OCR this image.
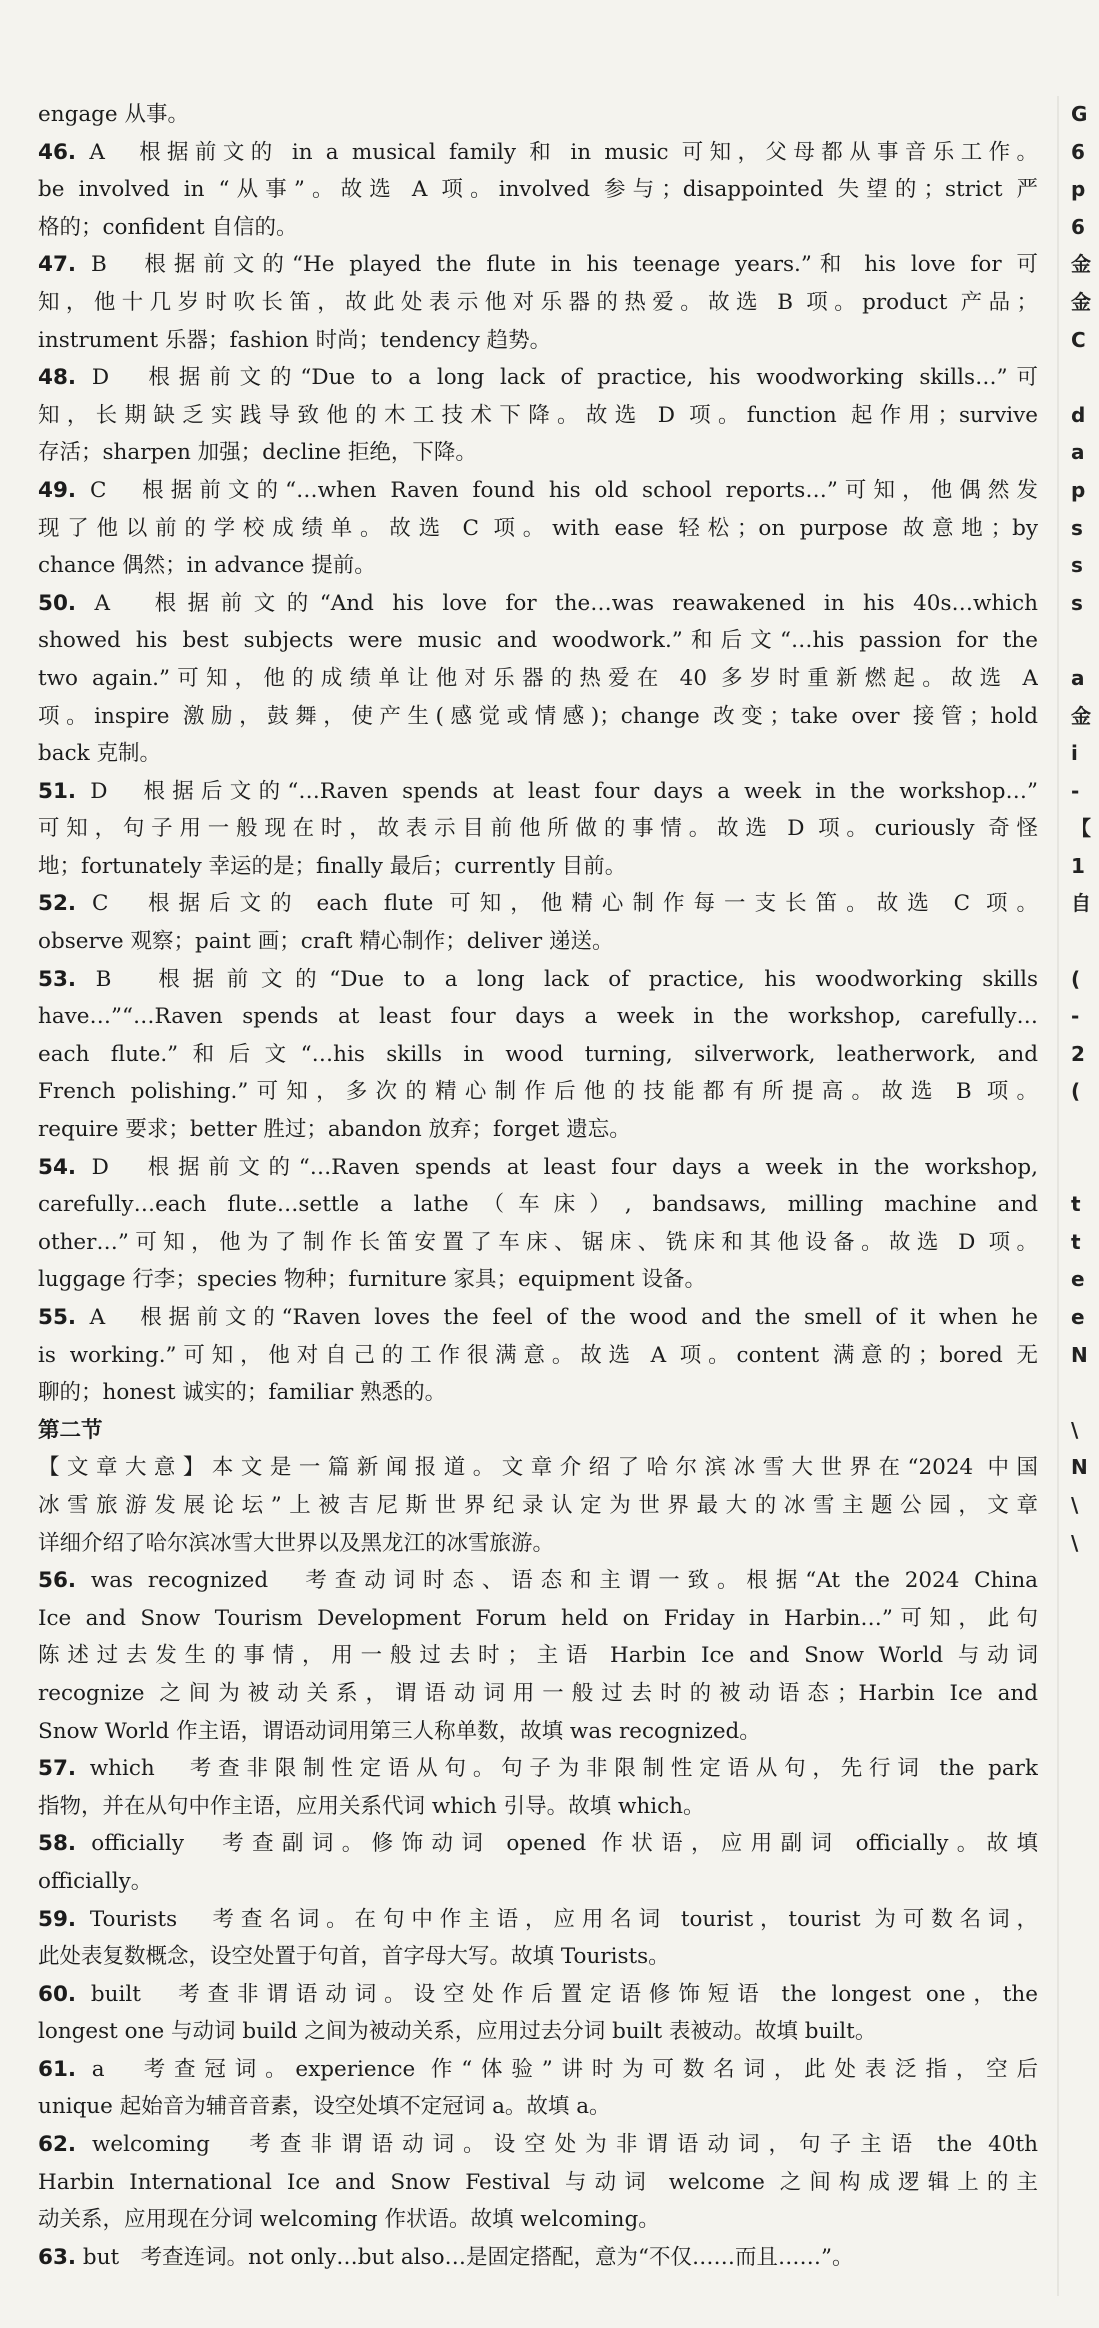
engage 从事。
46. A　根据前文的 in a musical family 和 in music 可知，父母都从事音乐工作。
be involved in “从事”。故选 A 项。involved 参与；disappointed 失望的；strict 严
格的；confident 自信的。
47. B　根据前文的“He played the flute in his teenage years.”和 his love for 可
知，他十几岁时吹长笛，故此处表示他对乐器的热爱。故选 B 项。product 产品；
instrument 乐器；fashion 时尚；tendency 趋势。
48. D　根据前文的“Due to a long lack of practice, his woodworking skills…”可
知，长期缺乏实践导致他的木工技术下降。故选 D 项。function 起作用；survive
存活；sharpen 加强；decline 拒绝，下降。
49. C　根据前文的“…when Raven found his old school reports…”可知，他偶然发
现了他以前的学校成绩单。故选 C 项。with ease 轻松；on purpose 故意地；by
chance 偶然；in advance 提前。
50. A　根据前文的“And his love for the…was reawakened in his 40s…which
showed his best subjects were music and woodwork.”和后文“…his passion for the
two again.”可知，他的成绩单让他对乐器的热爱在 40 多岁时重新燃起。故选 A
项。inspire 激励，鼓舞，使产生(感觉或情感)；change 改变；take over 接管；hold
back 克制。
51. D　根据后文的“…Raven spends at least four days a week in the workshop…”
可知，句子用一般现在时，故表示目前他所做的事情。故选 D 项。curiously 奇怪
地；fortunately 幸运的是；finally 最后；currently 目前。
52. C　根据后文的 each flute 可知，他精心制作每一支长笛。故选 C 项。
observe 观察；paint 画；craft 精心制作；deliver 递送。
53. B　根据前文的“Due to a long lack of practice, his woodworking skills
have…”“…Raven spends at least four days a week in the workshop, carefully…
each flute.”和后文“…his skills in wood turning, silverwork, leatherwork, and
French polishing.”可知，多次的精心制作后他的技能都有所提高。故选 B 项。
require 要求；better 胜过；abandon 放弃；forget 遗忘。
54. D　根据前文的“…Raven spends at least four days a week in the workshop,
carefully…each flute…settle a lathe（车床）, bandsaws, milling machine and
other…”可知，他为了制作长笛安置了车床、锯床、铣床和其他设备。故选 D 项。
luggage 行李；species 物种；furniture 家具；equipment 设备。
55. A　根据前文的“Raven loves the feel of the wood and the smell of it when he
is working.”可知，他对自己的工作很满意。故选 A 项。content 满意的；bored 无
聊的；honest 诚实的；familiar 熟悉的。
第二节
【文章大意】本文是一篇新闻报道。文章介绍了哈尔滨冰雪大世界在“2024 中国
冰雪旅游发展论坛”上被吉尼斯世界纪录认定为世界最大的冰雪主题公园，文章
详细介绍了哈尔滨冰雪大世界以及黑龙江的冰雪旅游。
56. was recognized　考查动词时态、语态和主谓一致。根据“At the 2024 China
Ice and Snow Tourism Development Forum held on Friday in Harbin…”可知，此句
陈述过去发生的事情，用一般过去时；主语 Harbin Ice and Snow World 与动词
recognize 之间为被动关系，谓语动词用一般过去时的被动语态；Harbin Ice and
Snow World 作主语，谓语动词用第三人称单数，故填 was recognized。
57. which　考查非限制性定语从句。句子为非限制性定语从句，先行词 the park
指物，并在从句中作主语，应用关系代词 which 引导。故填 which。
58. officially　考查副词。修饰动词 opened 作状语，应用副词 officially。故填
officially。
59. Tourists　考查名词。在句中作主语，应用名词 tourist，tourist 为可数名词，
此处表复数概念，设空处置于句首，首字母大写。故填 Tourists。
60. built　考查非谓语动词。设空处作后置定语修饰短语 the longest one，the
longest one 与动词 build 之间为被动关系，应用过去分词 built 表被动。故填 built。
61. a　考查冠词。experience 作“体验”讲时为可数名词，此处表泛指，空后
unique 起始音为辅音音素，设空处填不定冠词 a。故填 a。
62. welcoming　考查非谓语动词。设空处为非谓语动词，句子主语 the 40th
Harbin International Ice and Snow Festival 与动词 welcome 之间构成逻辑上的主
动关系，应用现在分词 welcoming 作状语。故填 welcoming。
63. but　考查连词。not only…but also…是固定搭配，意为“不仅……而且……”。
G
6
p
6
金
金
C
d
a
p
s
s
s
a
金
i
-
【
1
自
(
-
2
(
t
t
e
e
N
\
N
\
\
